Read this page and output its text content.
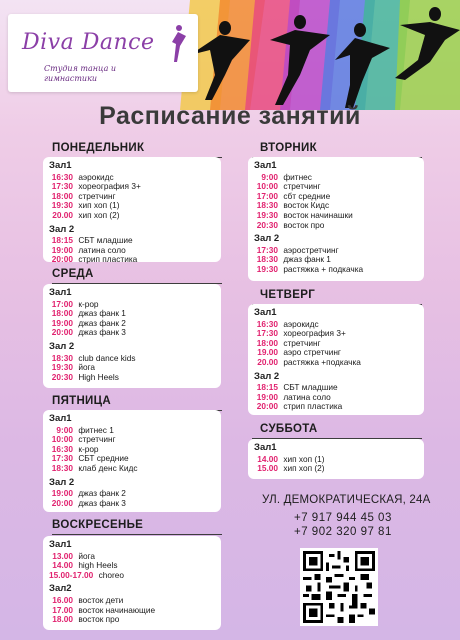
Diva Dance
Студия танца и гимнастики
Расписание занятий
ПОНЕДЕЛЬНИК
Зал1
16:30 аэрокидс
17:30 хореография 3+
18:00 стретчинг
19:30 хип хоп (1)
20.00 хип хоп (2)
Зал 2
18:15 СБТ младшие
19:00 латина соло
20:00 стрип пластика
СРЕДА
Зал1
17:00 к-рор
18:00 джаз фанк 1
19:00 джаз фанк 2
20:00 джаз фанк 3
Зал 2
18:30 club dance kids
19:30 йога
20:30 High Heels
ПЯТНИЦА
Зал1
9:00 фитнес 1
10:00 стретчинг
16:30 к-рор
17:30 СБТ средние
18:30 клаб денс Кидс
Зал 2
19:00 джаз фанк 2
20:00 джаз фанк 3
ВОСКРЕСЕНЬЕ
Зал1
13.00 йога
14.00 high Heels
15.00-17.00 choreo
Зал2
16.00 восток дети
17.00 восток начинающие
18.00 восток про
ВТОРНИК
Зал1
9:00 фитнес
10:00 стретчинг
17:00 сбт средние
18:30 восток Кидс
19:30 восток начинашки
20:30 восток про
Зал 2
17:30 аэростретчинг
18:30 джаз фанк 1
19:30 растяжка + подкачка
ЧЕТВЕРГ
Зал1
16:30 аэрокидс
17:30 хореография 3+
18:00 стретчинг
19.00 аэро стретчинг
20.00 растяжка +подкачка
Зал 2
18:15 СБТ младшие
19:00 латина соло
20:00 стрип пластика
СУББОТА
Зал1
14.00 хип хоп (1)
15.00 хип хоп (2)
УЛ. ДЕМОКРАТИЧЕСКАЯ, 24А
+7 917 944 45 03
+7 902 320 97 81
